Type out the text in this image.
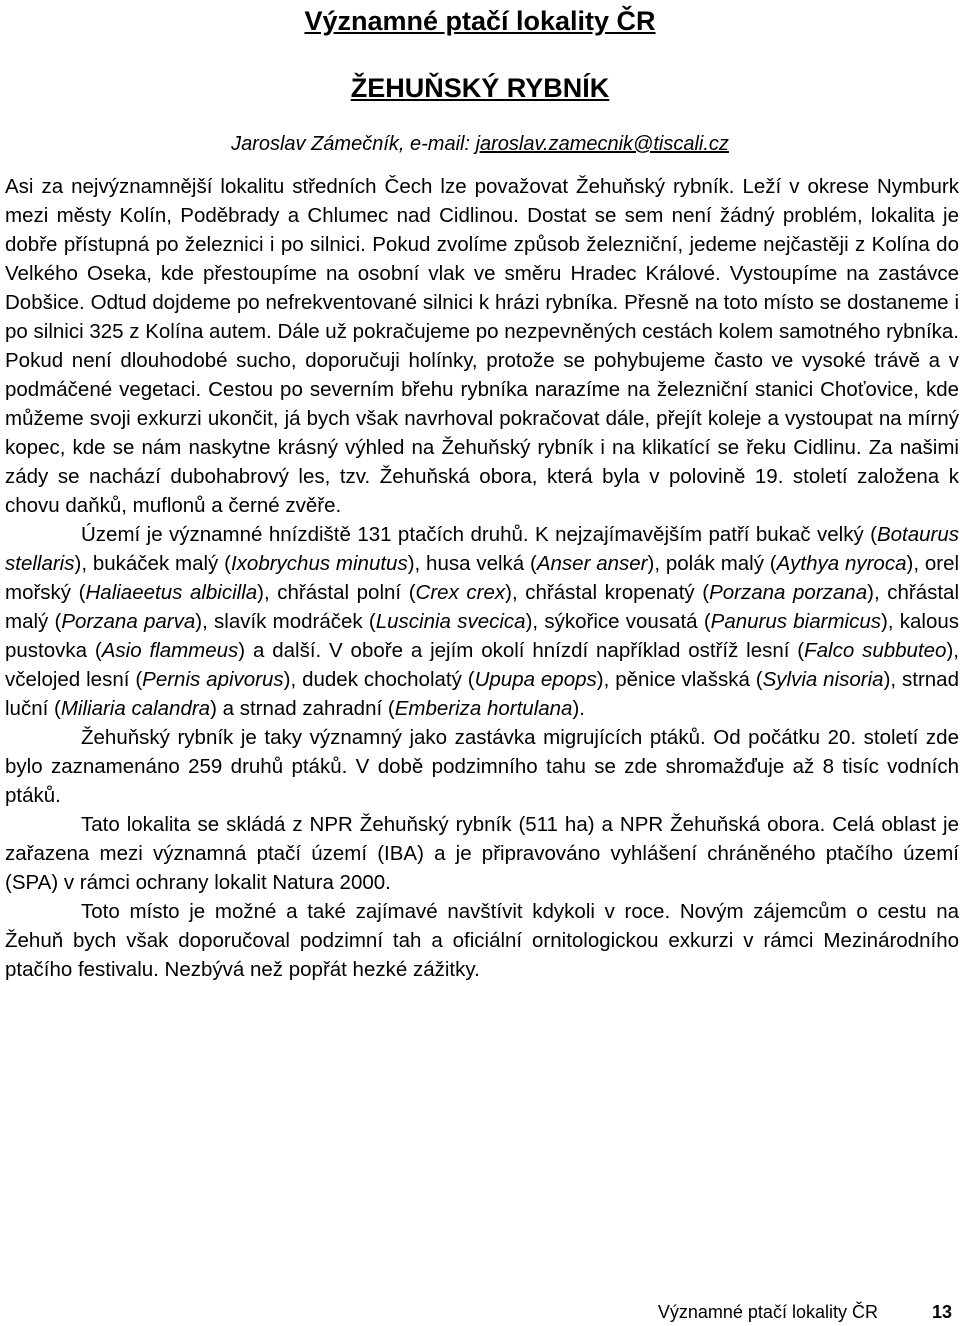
Významné ptačí lokality ČR
ŽEHUŇSKÝ RYBNÍK
Jaroslav Zámečník, e-mail: jaroslav.zamecnik@tiscali.cz

Asi za nejvýznamnější lokalitu středních Čech lze považovat Žehuňský rybník. Leží v okrese Nymburk mezi městy Kolín, Poděbrady a Chlumec nad Cidlinou. Dostat se sem není žádný problém, lokalita je dobře přístupná po železnici i po silnici. Pokud zvolíme způsob železniční, jedeme nejčastěji z Kolína do Velkého Oseka, kde přestoupíme na osobní vlak ve směru Hradec Králové. Vystoupíme na zastávce Dobšice. Odtud dojdeme po nefrekventované silnici k hrázi rybníka. Přesně na toto místo se dostaneme i po silnici 325 z Kolína autem. Dále už pokračujeme po nezpevněných cestách kolem samotného rybníka. Pokud není dlouhodobé sucho, doporučuji holínky, protože se pohybujeme často ve vysoké trávě a v podmáčené vegetaci. Cestou po severním břehu rybníka narazíme na železniční stanici Choťovice, kde můžeme svoji exkurzi ukončit, já bych však navrhoval pokračovat dále, přejít koleje a vystoupat na mírný kopec, kde se nám naskytne krásný výhled na Žehuňský rybník i na klikatící se řeku Cidlinu. Za našimi zády se nachází dubohabrový les, tzv. Žehuňská obora, která byla v polovině 19. století založena k chovu daňků, muflonů a černé zvěře.

Území je významné hnízdiště 131 ptačích druhů. K nejzajímavějším patří bukač velký (Botaurus stellaris), bukáček malý (Ixobrychus minutus), husa velká (Anser anser), polák malý (Aythya nyroca), orel mořský (Haliaeetus albicilla), chřástal polní (Crex crex), chřástal kropenatý (Porzana porzana), chřástal malý (Porzana parva), slavík modráček (Luscinia svecica), sýkořice vousatá (Panurus biarmicus), kalous pustovka (Asio flammeus) a další. V oboře a jejím okolí hnízdí například ostříž lesní (Falco subbuteo), včelojed lesní (Pernis apivorus), dudek chocholatý (Upupa epops), pěnice vlašská (Sylvia nisoria), strnad luční (Miliaria calandra) a strnad zahradní (Emberiza hortulana).

Žehuňský rybník je taky významný jako zastávka migrujících ptáků. Od počátku 20. století zde bylo zaznamenáno 259 druhů ptáků. V době podzimního tahu se zde shromažďuje až 8 tisíc vodních ptáků.

Tato lokalita se skládá z NPR Žehuňský rybník (511 ha) a NPR Žehuňská obora. Celá oblast je zařazena mezi významná ptačí území (IBA) a je připravováno vyhlášení chráněného ptačího území (SPA) v rámci ochrany lokalit Natura 2000.

Toto místo je možné a také zajímavé navštívit kdykoli v roce. Novým zájemcům o cestu na Žehuň bych však doporučoval podzimní tah a oficiální ornitologickou exkurzi v rámci Mezinárodního ptačího festivalu. Nezbývá než popřát hezké zážitky.

Významné ptačí lokality ČR	13
